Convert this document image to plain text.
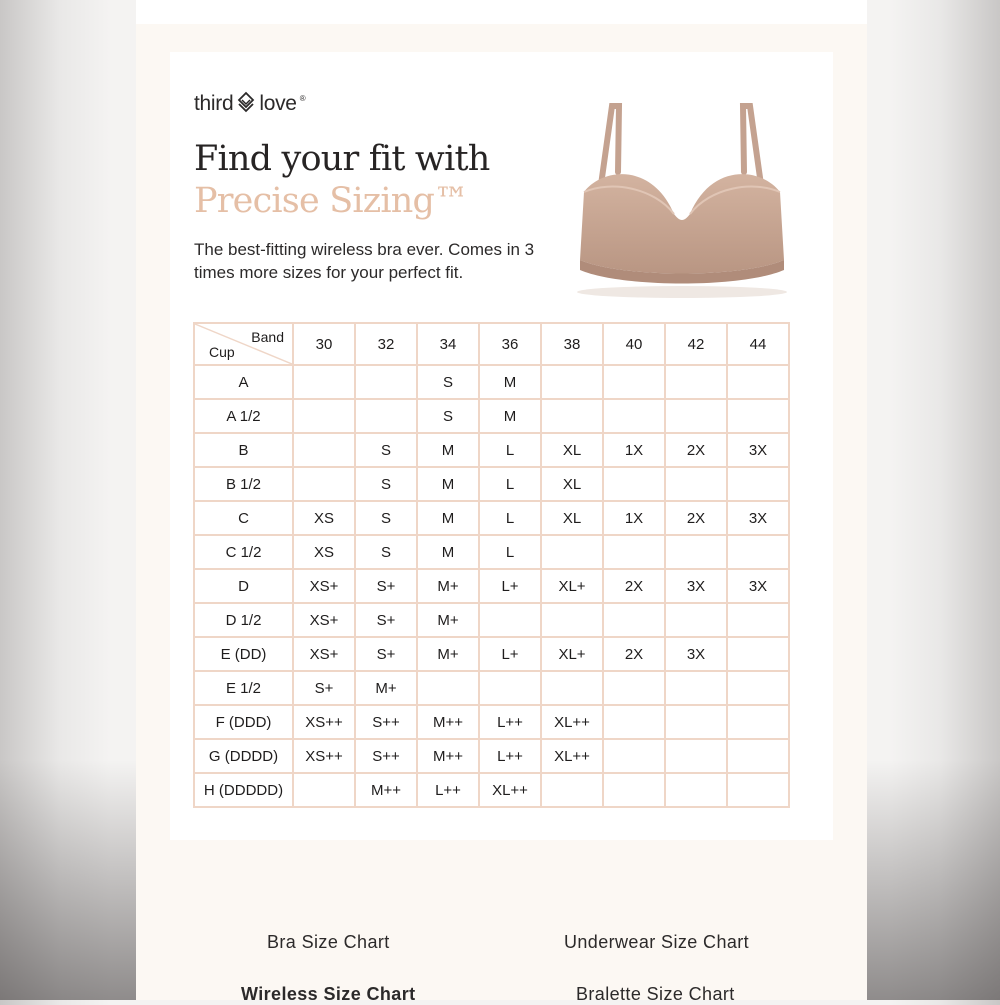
third love ®
Find your fit with
Precise Sizing™

The best-fitting wireless bra ever. Comes in 3 times more sizes for your perfect fit.

Band
Cup	30	32	34	36	38	40	42	44
A			S	M				
A 1/2			S	M				
B		S	M	L	XL	1X	2X	3X
B 1/2		S	M	L	XL			
C	XS	S	M	L	XL	1X	2X	3X
C 1/2	XS	S	M	L				
D	XS+	S+	M+	L+	XL+	2X	3X	3X
D 1/2	XS+	S+	M+					
E (DD)	XS+	S+	M+	L+	XL+	2X	3X	
E 1/2	S+	M+						
F (DDD)	XS++	S++	M++	L++	XL++			
G (DDDD)	XS++	S++	M++	L++	XL++			
H (DDDDD)		M++	L++	XL++				
Bra Size Chart	Underwear Size Chart
Wireless Size Chart	Bralette Size Chart
